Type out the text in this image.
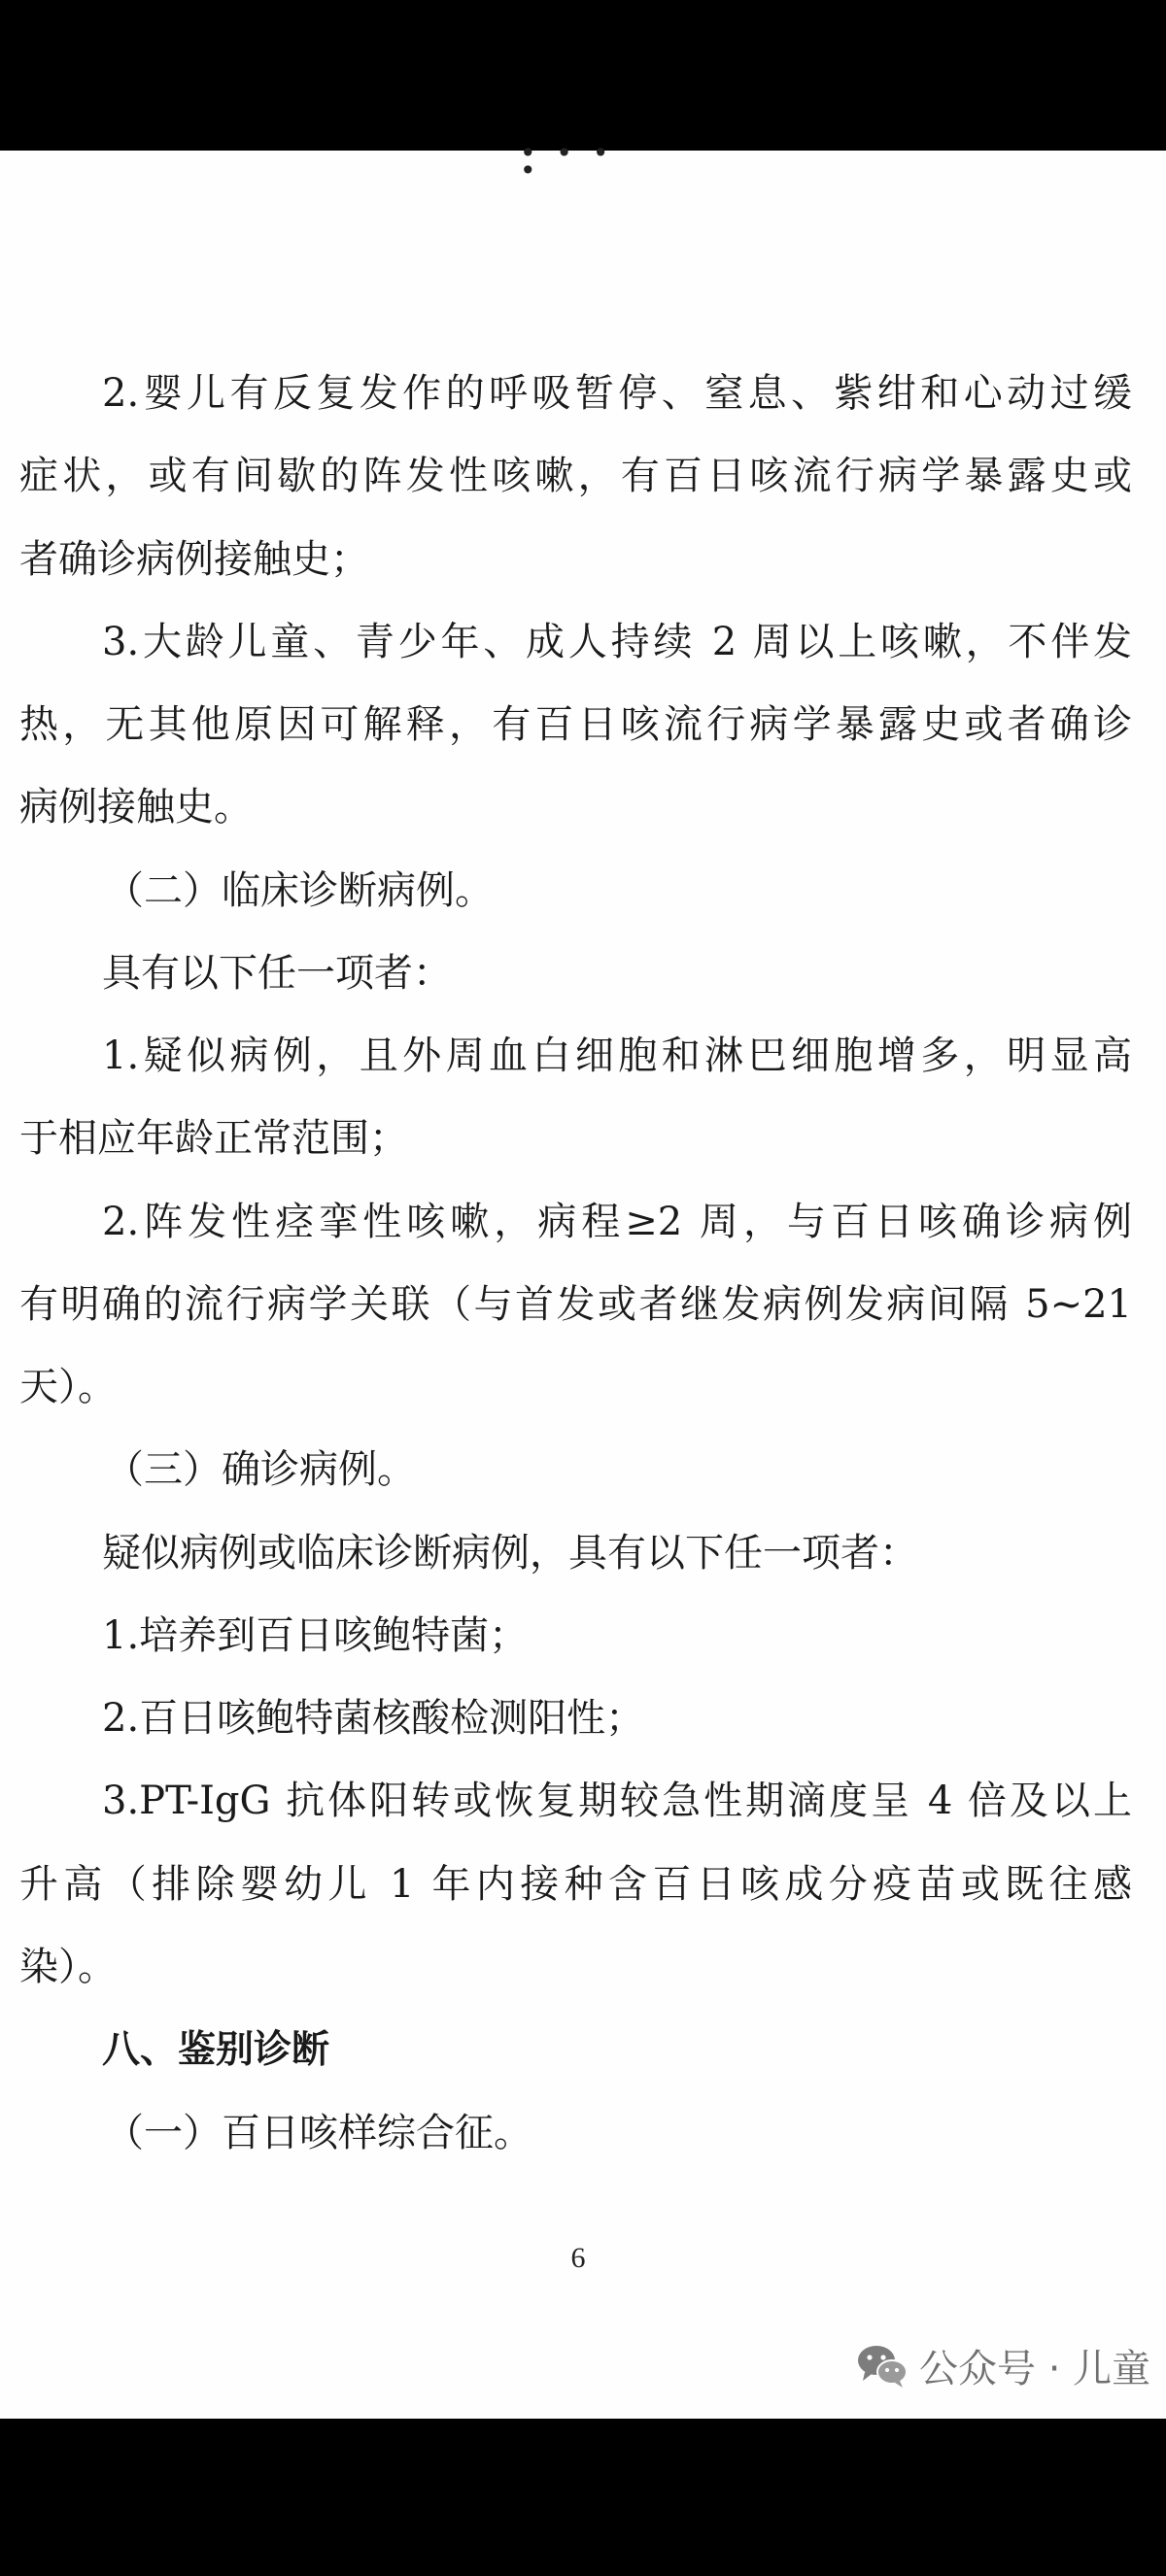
• • • •
2.婴儿有反复发作的呼吸暂停、窒息、紫绀和心动过缓
症状，或有间歇的阵发性咳嗽，有百日咳流行病学暴露史或
者确诊病例接触史；
3.大龄儿童、青少年、成人持续 2 周以上咳嗽，不伴发
热，无其他原因可解释，有百日咳流行病学暴露史或者确诊
病例接触史。
（二）临床诊断病例。
具有以下任一项者：
1.疑似病例，且外周血白细胞和淋巴细胞增多，明显高
于相应年龄正常范围；
2.阵发性痉挛性咳嗽，病程≥2 周，与百日咳确诊病例
有明确的流行病学关联（与首发或者继发病例发病间隔 5~21
天）。
（三）确诊病例。
疑似病例或临床诊断病例，具有以下任一项者：
1.培养到百日咳鲍特菌；
2.百日咳鲍特菌核酸检测阳性；
3.PT-IgG 抗体阳转或恢复期较急性期滴度呈 4 倍及以上
升高（排除婴幼儿 1 年内接种含百日咳成分疫苗或既往感
染）。
八、鉴别诊断
（一）百日咳样综合征。
6
公众号 · 儿童
